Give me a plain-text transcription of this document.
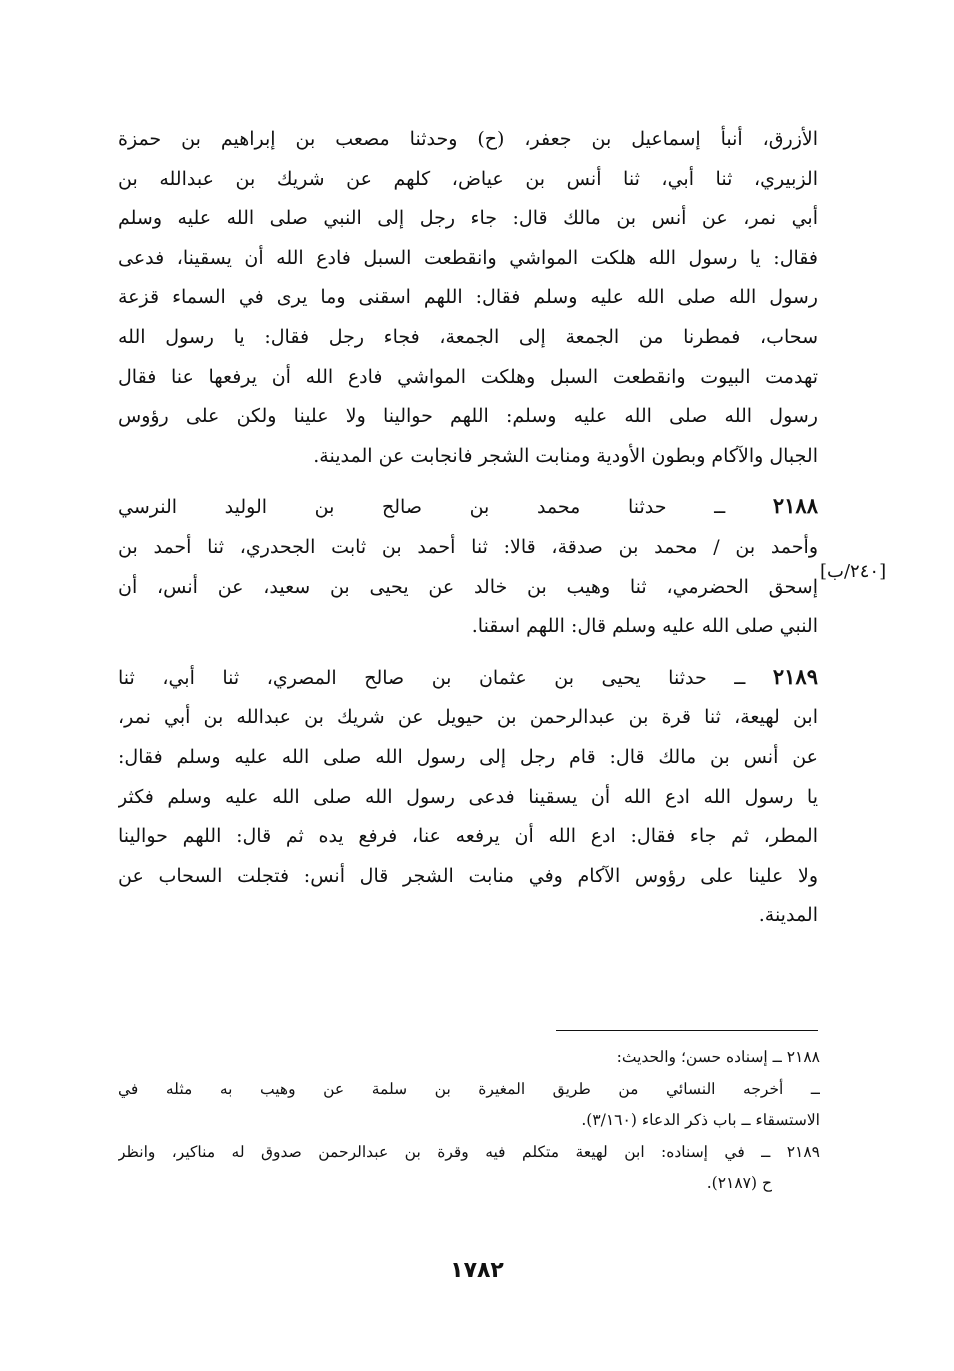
الأزرق، أنبأ إسماعيل بن جعفر، (ح) وحدثنا مصعب بن إبراهيم بن حمزة
الزبيري، ثنا أبي، ثنا أنس بن عياض، كلهم عن شريك بن عبدالله بن
أبي نمر، عن أنس بن مالك قال: جاء رجل إلى النبي صلى الله عليه وسلم
فقال: يا رسول الله هلكت المواشي وانقطعت السبل فادع الله أن يسقينا، فدعى
رسول الله صلى الله عليه وسلم فقال: اللهم اسقنى وما يرى في السماء قزعة
سحاب، فمطرنا من الجمعة إلى الجمعة، فجاء رجل فقال: يا رسول الله
تهدمت البيوت وانقطعت السبل وهلكت المواشي فادع الله أن يرفعها عنا فقال
رسول الله صلى الله عليه وسلم: اللهم حوالينا ولا علينا ولكن على رؤوس
الجبال والآكام وبطون الأودية ومنابت الشجر فانجابت عن المدينة.

٢١٨٨ ــ حدثنا محمد بن صالح بن الوليد النرسي
وأحمد بن / محمد بن صدقة، قالا: ثنا أحمد بن ثابت الجحدري، ثنا أحمد بن
إسحق الحضرمي، ثنا وهيب بن خالد عن يحيى بن سعيد، عن أنس، أن
النبي صلى الله عليه وسلم قال: اللهم اسقنا.

٢١٨٩ ــ حدثنا يحيى بن عثمان بن صالح المصري، ثنا أبي، ثنا
ابن لهيعة، ثنا قرة بن عبدالرحمن بن حيويل عن شريك بن عبدالله بن أبي نمر،
عن أنس بن مالك قال: قام رجل إلى رسول الله صلى الله عليه وسلم فقال:
يا رسول الله ادع الله أن يسقينا فدعى رسول الله صلى الله عليه وسلم فكثر
المطر، ثم جاء فقال: ادع الله أن يرفعه عنا، فرفع يده ثم قال: اللهم حوالينا
ولا علينا على رؤوس الآكام وفي منابت الشجر قال أنس: فتجلت السحاب عن
المدينة.

[٢٤٠/ب]

٢١٨٨ ــ إسناده حسن؛ والحديث:

ــ أخرجه النسائي من طريق المغيرة بن سلمة عن وهيب به مثله في
الاستسقاء ــ باب ذكر الدعاء (٣/١٦٠).

٢١٨٩ ــ في إسناده: ابن لهيعة متكلم فيه وقرة بن عبدالرحمن صدوق له مناكير، وانظر
ح (٢١٨٧).

١٧٨٢
